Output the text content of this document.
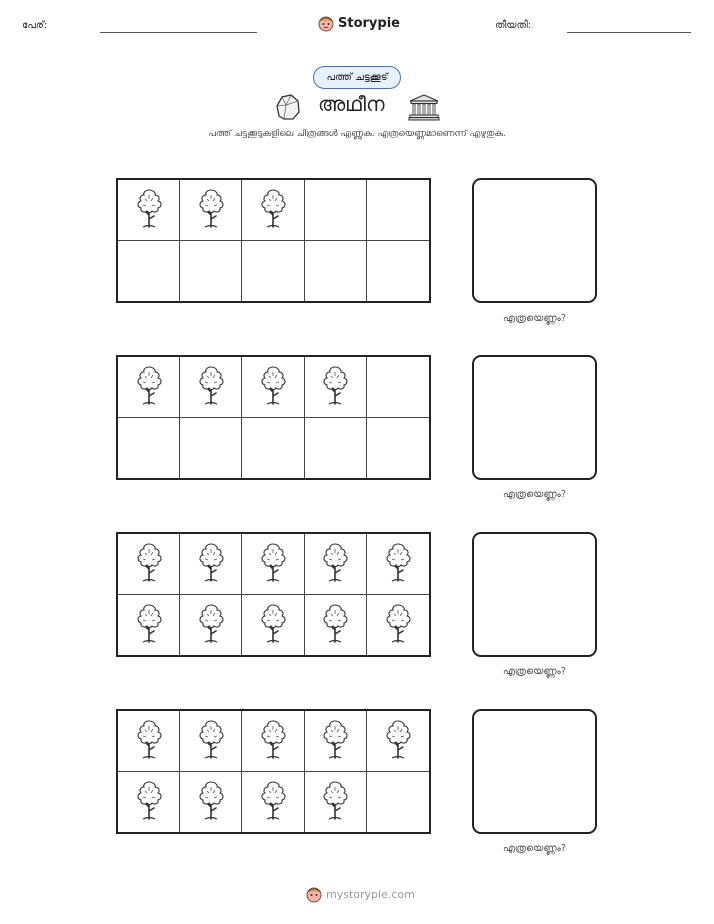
പേര്:	Storypie	തീയതി:
പത്ത് ചട്ടക്കൂട്
അഥീന
പത്ത് ചട്ടക്കൂടുകളിലെ ചിത്രങ്ങൾ എണ്ണുക. എത്രയെണ്ണമാണെന്ന് എഴുതുക.
എത്രയെണ്ണം?
എത്രയെണ്ണം?
എത്രയെണ്ണം?
എത്രയെണ്ണം?
mystorypie.com
